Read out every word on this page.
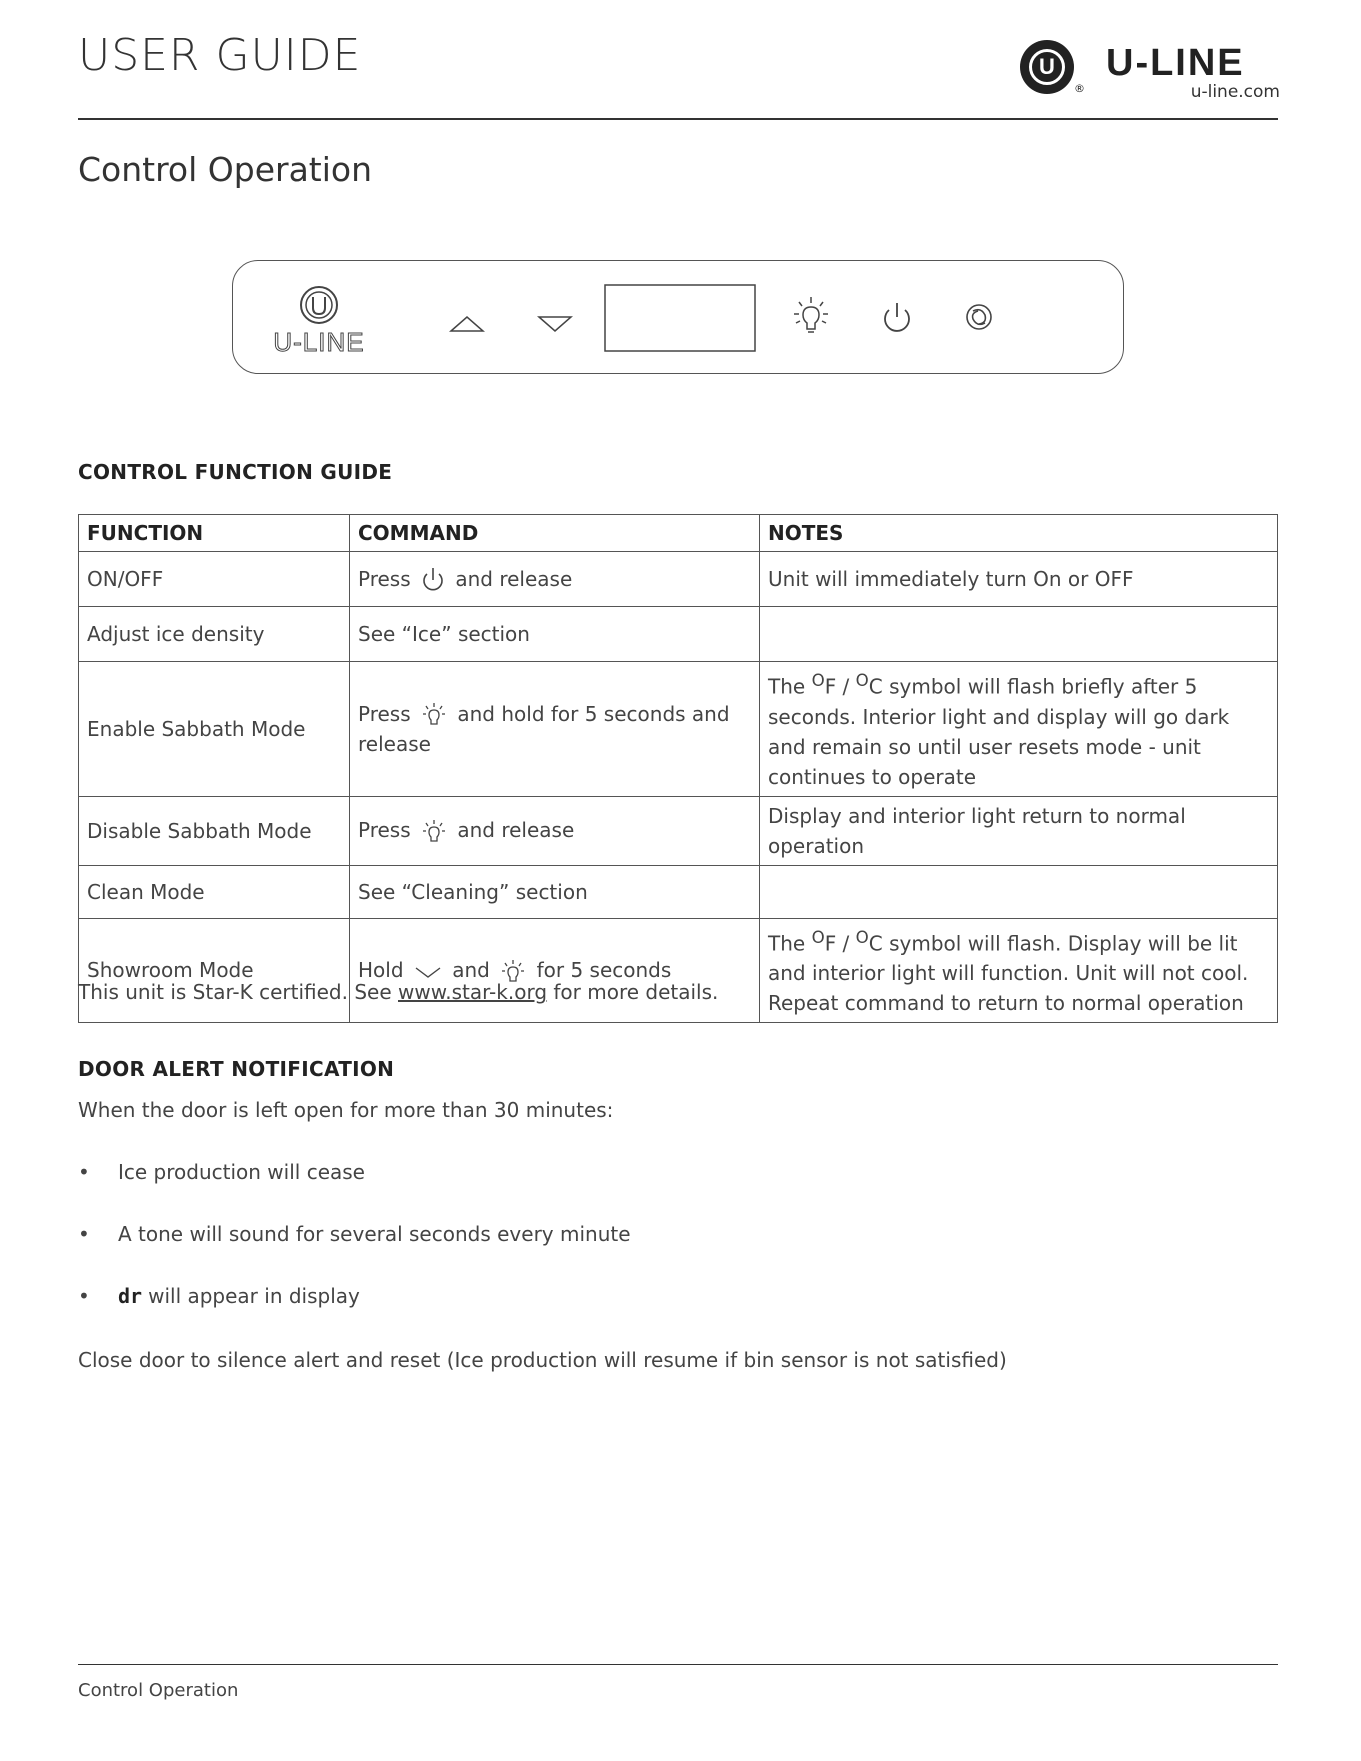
USER GUIDE	U
®
U-LINE
u-line.com
Control Operation
U-LINE
CONTROL FUNCTION GUIDE
FUNCTION	COMMAND	NOTES
ON/OFF	Press and release	Unit will immediately turn On or OFF
Adjust ice density	See “Ice” section	
Enable Sabbath Mode	Press and hold for 5 seconds and release	The $^O$F / $^O$C symbol will flash briefly after 5 seconds. Interior light and display will go dark and remain so until user resets mode - unit continues to operate
Disable Sabbath Mode	Press and release	Display and interior light return to normal operation
Clean Mode	See “Cleaning” section	
Showroom Mode	Hold and for 5 seconds	The $^O$F / $^O$C symbol will flash. Display will be lit and interior light will function. Unit will not cool. Repeat command to return to normal operation
This unit is Star-K certified. See www.star-k.org for more details.
DOOR ALERT NOTIFICATION
When the door is left open for more than 30 minutes:
• Ice production will cease
• A tone will sound for several seconds every minute
• dr will appear in display
Close door to silence alert and reset (Ice production will resume if bin sensor is not satisfied)
Control Operation
